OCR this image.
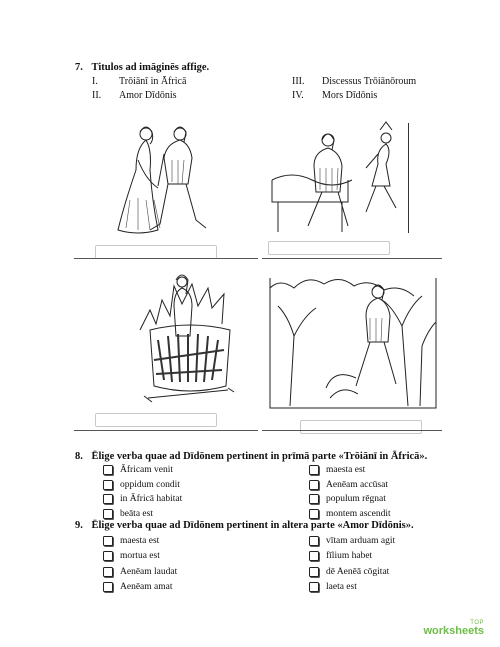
7. Titulos ad imāginēs affige.
I. Trōiānī in Āfricā
II. Amor Dīdōnis
III. Discessus Trōiānōroum
IV. Mors Dīdōnis
8. Ēlige verba quae ad Dīdōnem pertinent in prīmā parte «Trōiānī in Āfricā».
Āfricam venit
oppidum condit
in Āfricā habitat
beāta est
maesta est
Aenēam accūsat
populum rēgnat
montem ascendit
9. Ēlige verba quae ad Dīdōnem pertinent in altera parte «Amor Dīdōnis».
maesta est
mortua est
Aenēam laudat
Aenēam amat
vītam arduam agit
fīlium habet
dē Aenēā cōgitat
laeta est
TOP
worksheets
